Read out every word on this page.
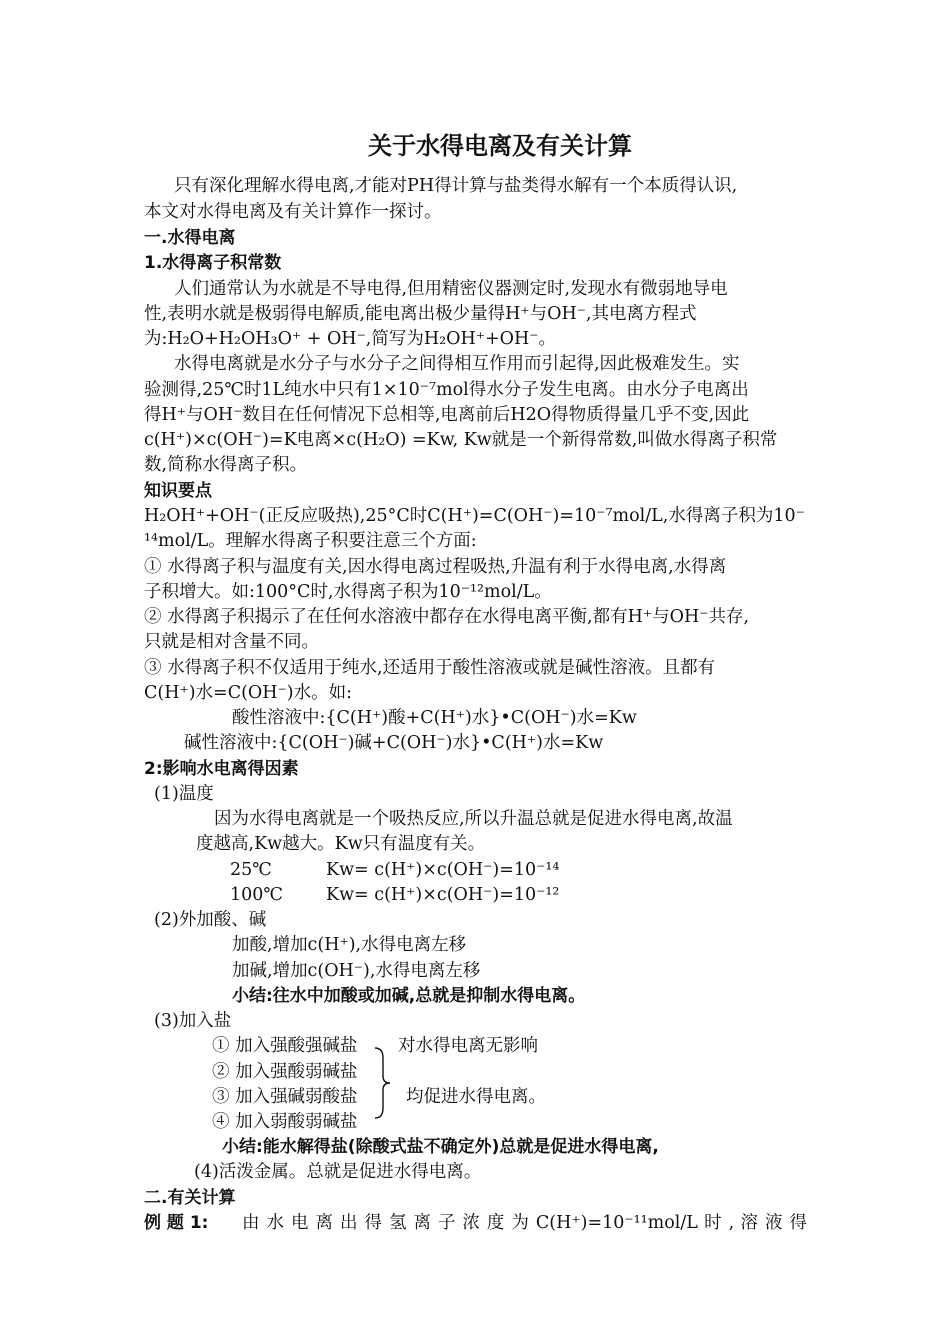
关于水得电离及有关计算
只有深化理解水得电离,才能对PH得计算与盐类得水解有一个本质得认识,
本文对水得电离及有关计算作一探讨。
一.水得电离
1.水得离子积常数
人们通常认为水就是不导电得,但用精密仪器测定时,发现水有微弱地导电
性,表明水就是极弱得电解质,能电离出极少量得H⁺与OH⁻,其电离方程式
为:H₂O+H₂OH₃O⁺ + OH⁻,简写为H₂OH⁺+OH⁻。
水得电离就是水分子与水分子之间得相互作用而引起得,因此极难发生。实
验测得,25℃时1L纯水中只有1×10⁻⁷mol得水分子发生电离。由水分子电离出
得H⁺与OH⁻数目在任何情况下总相等,电离前后H2O得物质得量几乎不变,因此
c(H⁺)×c(OH⁻)=K电离×c(H₂O) =Kw, Kw就是一个新得常数,叫做水得离子积常
数,简称水得离子积。
知识要点
H₂OH⁺+OH⁻(正反应吸热),25°C时C(H⁺)=C(OH⁻)=10⁻⁷mol/L,水得离子积为10⁻
¹⁴mol/L。理解水得离子积要注意三个方面:
① 水得离子积与温度有关,因水得电离过程吸热,升温有利于水得电离,水得离
子积增大。如:100°C时,水得离子积为10⁻¹²mol/L。
② 水得离子积揭示了在任何水溶液中都存在水得电离平衡,都有H⁺与OH⁻共存,
只就是相对含量不同。
③ 水得离子积不仅适用于纯水,还适用于酸性溶液或就是碱性溶液。且都有
C(H⁺)水=C(OH⁻)水。如:
酸性溶液中:{C(H⁺)酸+C(H⁺)水}•C(OH⁻)水=Kw
碱性溶液中:{C(OH⁻)碱+C(OH⁻)水}•C(H⁺)水=Kw
2:影响水电离得因素
(1)温度
因为水得电离就是一个吸热反应,所以升温总就是促进水得电离,故温
度越高,Kw越大。Kw只有温度有关。
25℃	Kw= c(H⁺)×c(OH⁻)=10⁻¹⁴
100℃ Kw= c(H⁺)×c(OH⁻)=10⁻¹²
(2)外加酸、碱
加酸,增加c(H⁺),水得电离左移
加碱,增加c(OH⁻),水得电离左移
小结:往水中加酸或加碱,总就是抑制水得电离。
(3)加入盐
① 加入强酸强碱盐 对水得电离无影响
② 加入强酸弱碱盐
③ 加入强碱弱酸盐	均促进水得电离。
④ 加入弱酸弱碱盐
小结:能水解得盐(除酸式盐不确定外)总就是促进水得电离,
(4)活泼金属。总就是促进水得电离。
二.有关计算
例 题 1: 由 水 电 离 出 得 氢 离 子 浓 度 为 C(H⁺)=10⁻¹¹mol/L 时 , 溶 液 得
